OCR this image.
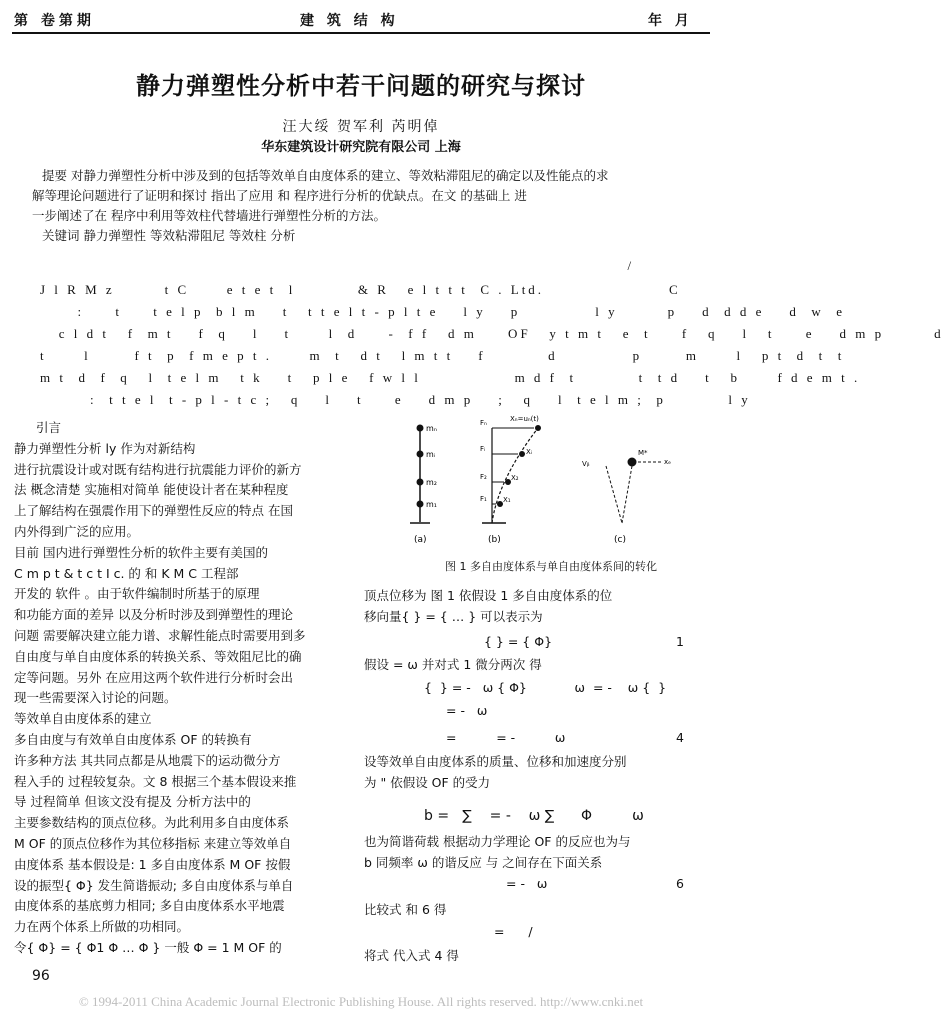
第 卷第期	建 筑 结 构	年 月
静力弹塑性分析中若干问题的研究与探讨
汪大绥 贺军利 芮明倬
华东建筑设计研究院有限公司 上海
提要 对静力弹塑性分析中涉及到的包括等效单自由度体系的建立、等效粘滞阻尼的确定以及性能点的求
解等理论问题进行了证明和探讨 指出了应用 和 程序进行分析的优缺点。在文 的基础上 进
一步阐述了在 程序中利用等效柱代替墙进行弹塑性分析的方法。
关键词 静力弹塑性 等效粘滞阻尼 等效柱 分析
/
J l R M z        t C      e t e t  l          & R   e l t t t  C . Ltd.                    C
:     t     t e l p  b l m    t   t t e l t - p l t e    l y    p            l y        p    d  d d e    d  w  e
c l d t   f  m t    f  q    l    t      l  d     -  f f   d m     OF   y t m t   e  t     f   q    l   t     e    d m p        d
t      l       f t  p  f m e p t .      m  t   d t   l m t t    f          d            p       m      l   p t  d  t  t
m t  d  f  q   l  t e l m   t k    t   p l e   f w l l               m d f  t          t  t d    t   b      f d e m t .
:  t t e l  t - p l - t c ;   q    l    t     e    d m p    ;   q    l  t e l m ;  p          l y

引言

静力弹塑性分析 ly 作为对新结构

进行抗震设计或对既有结构进行抗震能力评价的新方

法 概念清楚 实施相对简单 能使设计者在某种程度

上了解结构在强震作用下的弹塑性反应的特点 在国

内外得到广泛的应用。

目前 国内进行弹塑性分析的软件主要有美国的

C m p t & t c t I c. 的 和 K M C 工程部

开发的 软件 。由于软件编制时所基于的原理

和功能方面的差异 以及分析时涉及到弹塑性的理论

问题 需要解决建立能力谱、求解性能点时需要用到多

自由度与单自由度体系的转换关系、等效阻尼比的确

定等问题。另外 在应用这两个软件进行分析时会出

现一些需要深入讨论的问题。

等效单自由度体系的建立

多自由度与有效单自由度体系 OF 的转换有

许多种方法 其共同点都是从地震下的运动微分方

程入手的 过程较复杂。文 8 根据三个基本假设来推

导 过程简单 但该文没有提及 分析方法中的

主要参数结构的顶点位移。为此利用多自由度体系

M OF 的顶点位移作为其位移指标 来建立等效单自

由度体系 基本假设是: 1 多自由度体系 M OF 按假

设的振型{ Φ} 发生简谐振动; 多自由度体系与单自

由度体系的基底剪力相同; 多自由度体系水平地震

力在两个体系上所做的功相同。

令{ Φ} = { Φ1 Φ … Φ } 一般 Φ = 1 M OF 的

mₙ
mᵢ
m₂
m₁
(a)
Fₙ
Fᵢ
F₂
F₁
Xₙ=uₙ(t)
Xᵢ
X₂
X₁
(b)
M*
xₑ
Vᵦ
(c)
图 1 多自由度体系与单自由度体系间的转化

顶点位移为 图 1 依假设 1 多自由度体系的位

移向量{ } = { … } 可以表示为

{ } = { Φ}	1

假设 = ω 并对式 1 微分两次 得

{  } = -   ω { Φ}            ω  = -    ω {  }
= -   ω
=          = -          ω	4

设等效单自由度体系的质量、位移和加速度分别

为 " 依假设 OF 的受力

b =   ∑    = -    ω ∑      Φ         ω

也为简谐荷载 根据动力学理论 OF 的反应也为与

b 同频率 ω 的谐反应 与 之间存在下面关系

= -   ω	6

比较式 和 6 得

=      /

将式 代入式 4 得

96
© 1994-2011 China Academic Journal Electronic Publishing House. All rights reserved. http://www.cnki.net
